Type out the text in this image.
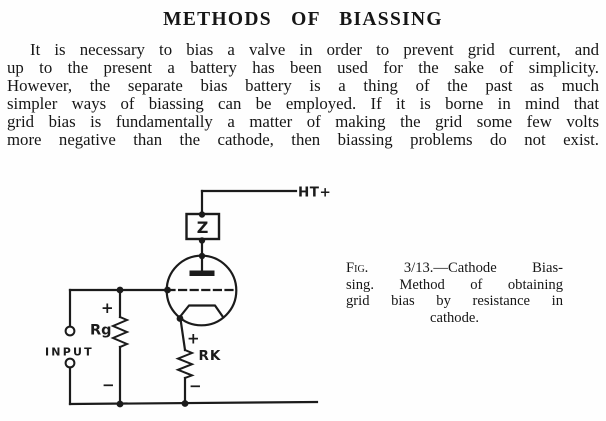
METHODS OF BIASSING
It is necessary to bias a valve in order to prevent grid current, and
up to the present a battery has been used for the sake of simplicity.
However, the separate bias battery is a thing of the past as much
simpler ways of biassing can be employed. If it is borne in mind that
grid bias is fundamentally a matter of making the grid some few volts
more negative than the cathode, then biassing problems do not exist.
HT+
Z
INPUT
+
Rg
−
+
RK
−
Fig. 3/13.—Cathode Bias-
sing. Method of obtaining
grid bias by resistance in
cathode.
